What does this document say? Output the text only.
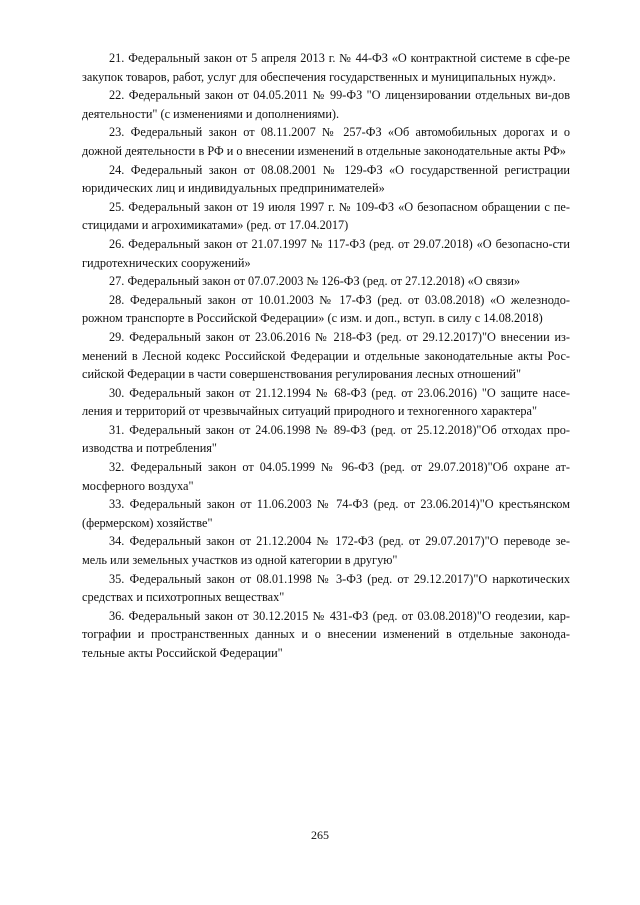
21. Федеральный закон от 5 апреля 2013 г. № 44-ФЗ «О контрактной системе в сфе-ре закупок товаров, работ, услуг для обеспечения государственных и муниципальных нужд».

22. Федеральный закон от 04.05.2011 № 99-ФЗ "О лицензировании отдельных ви-дов деятельности" (с изменениями и дополнениями).

23. Федеральный закон от 08.11.2007 № 257-ФЗ «Об автомобильных дорогах и о дожной деятельности в РФ и о внесении изменений в отдельные законодательные акты РФ»

24. Федеральный закон от 08.08.2001 № 129-ФЗ «О государственной регистрации юридических лиц и индивидуальных предпринимателей»

25. Федеральный закон от 19 июля 1997 г. № 109-ФЗ «О безопасном обращении с пе-стицидами и агрохимикатами» (ред. от 17.04.2017)

26. Федеральный закон от 21.07.1997 № 117-ФЗ (ред. от 29.07.2018) «О безопасно-сти гидротехнических сооружений»

27. Федеральный закон от 07.07.2003 № 126-ФЗ (ред. от 27.12.2018) «О связи»

28. Федеральный закон от 10.01.2003 № 17-ФЗ (ред. от 03.08.2018) «О железнодо-рожном транспорте в Российской Федерации» (с изм. и доп., вступ. в силу с 14.08.2018)

29. Федеральный закон от 23.06.2016 № 218-ФЗ (ред. от 29.12.2017)"О внесении из-менений в Лесной кодекс Российской Федерации и отдельные законодательные акты Рос-сийской Федерации в части совершенствования регулирования лесных отношений"

30. Федеральный закон от 21.12.1994 № 68-ФЗ (ред. от 23.06.2016) "О защите насе-ления и территорий от чрезвычайных ситуаций природного и техногенного характера"

31. Федеральный закон от 24.06.1998 № 89-ФЗ (ред. от 25.12.2018)"Об отходах про-изводства и потребления"

32. Федеральный закон от 04.05.1999 № 96-ФЗ (ред. от 29.07.2018)"Об охране ат-мосферного воздуха"

33. Федеральный закон от 11.06.2003 № 74-ФЗ (ред. от 23.06.2014)"О крестьянском (фермерском) хозяйстве"

34. Федеральный закон от 21.12.2004 № 172-ФЗ (ред. от 29.07.2017)"О переводе зе-мель или земельных участков из одной категории в другую"

35. Федеральный закон от 08.01.1998 № 3-ФЗ (ред. от 29.12.2017)"О наркотических средствах и психотропных веществах"

36. Федеральный закон от 30.12.2015 № 431-ФЗ (ред. от 03.08.2018)"О геодезии, кар-тографии и пространственных данных и о внесении изменений в отдельные законода-тельные акты Российской Федерации"

265
